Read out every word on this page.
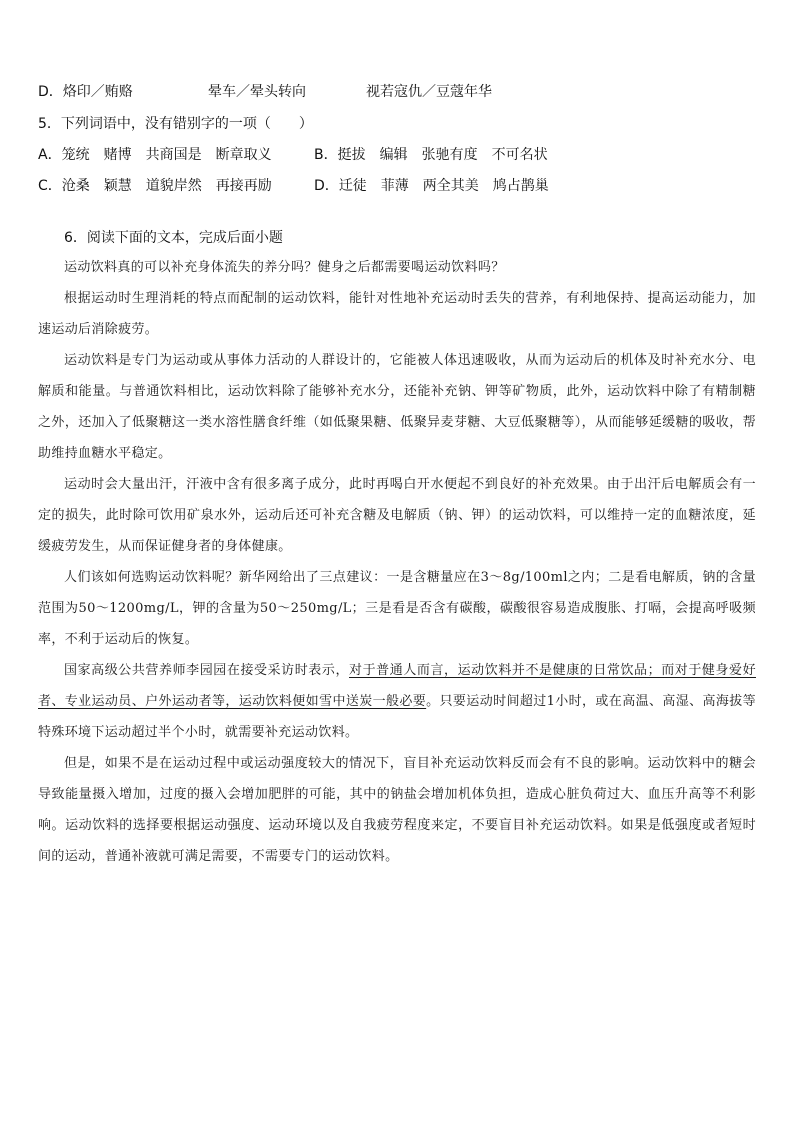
D．烙印／贿赂	晕车／晕头转向	视若寇仇／豆蔻年华
5．下列词语中，没有错别字的一项（　　）
A．笼统　赌博　共商国是　断章取义	B．挺拔　编辑　张驰有度　不可名状
C．沧桑　颖慧　道貌岸然　再接再励	D．迁徒　菲薄　两全其美　鸠占鹊巢
6．阅读下面的文本，完成后面小题

运动饮料真的可以补充身体流失的养分吗？健身之后都需要喝运动饮料吗？

根据运动时生理消耗的特点而配制的运动饮料，能针对性地补充运动时丢失的营养，有利地保持、提高运动能力，加速运动后消除疲劳。

运动饮料是专门为运动或从事体力活动的人群设计的，它能被人体迅速吸收，从而为运动后的机体及时补充水分、电解质和能量。与普通饮料相比，运动饮料除了能够补充水分，还能补充钠、钾等矿物质，此外，运动饮料中除了有精制糖之外，还加入了低聚糖这一类水溶性膳食纤维（如低聚果糖、低聚异麦芽糖、大豆低聚糖等），从而能够延缓糖的吸收，帮助维持血糖水平稳定。

运动时会大量出汗，汗液中含有很多离子成分，此时再喝白开水便起不到良好的补充效果。由于出汗后电解质会有一定的损失，此时除可饮用矿泉水外，运动后还可补充含糖及电解质（钠、钾）的运动饮料，可以维持一定的血糖浓度，延缓疲劳发生，从而保证健身者的身体健康。

人们该如何选购运动饮料呢？新华网给出了三点建议：一是含糖量应在3～8g/100ml之内；二是看电解质，钠的含量范围为50～1200mg/L，钾的含量为50～250mg/L；三是看是否含有碳酸，碳酸很容易造成腹胀、打嗝，会提高呼吸频率，不利于运动后的恢复。

国家高级公共营养师李园园在接受采访时表示，对于普通人而言，运动饮料并不是健康的日常饮品；而对于健身爱好者、专业运动员、户外运动者等，运动饮料便如雪中送炭一般必要。只要运动时间超过1小时，或在高温、高湿、高海拔等特殊环境下运动超过半个小时，就需要补充运动饮料。

但是，如果不是在运动过程中或运动强度较大的情况下，盲目补充运动饮料反而会有不良的影响。运动饮料中的糖会导致能量摄入增加，过度的摄入会增加肥胖的可能，其中的钠盐会增加机体负担，造成心脏负荷过大、血压升高等不利影响。运动饮料的选择要根据运动强度、运动环境以及自我疲劳程度来定，不要盲目补充运动饮料。如果是低强度或者短时间的运动，普通补液就可满足需要，不需要专门的运动饮料。
